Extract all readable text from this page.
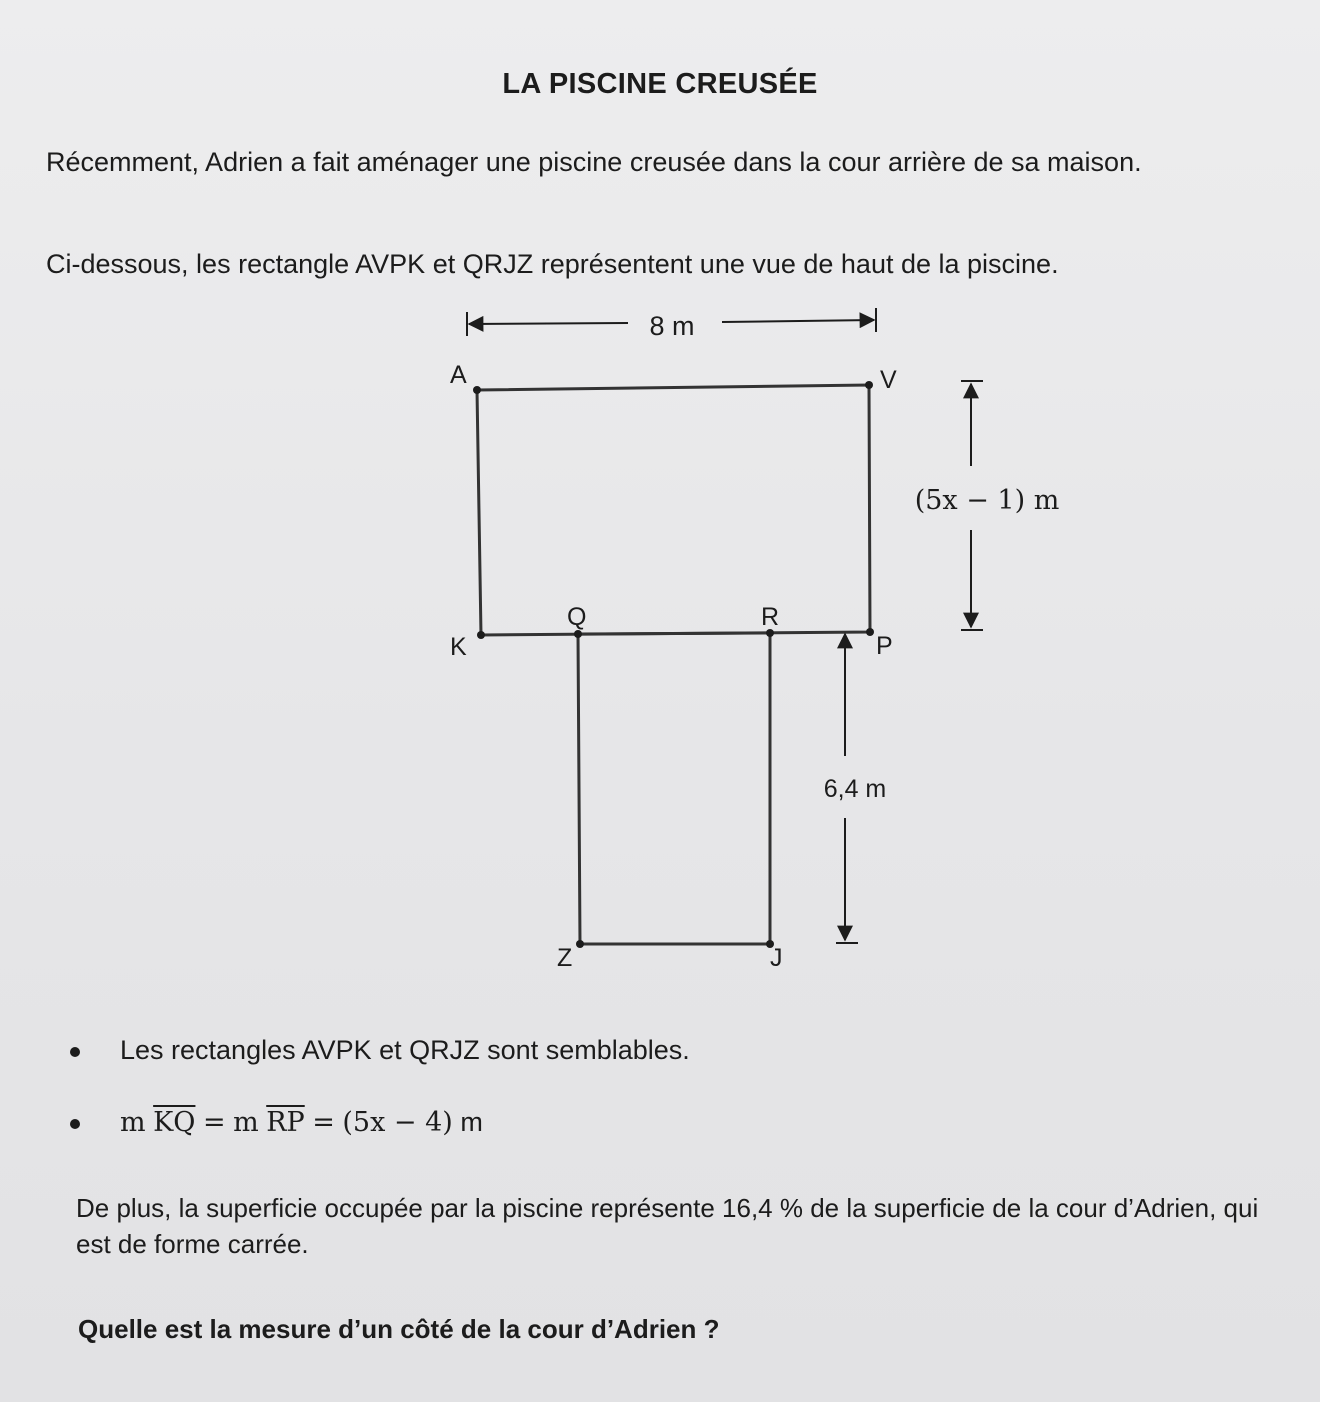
LA PISCINE CREUSÉE
Récemment, Adrien a fait aménager une piscine creusée dans la cour arrière de sa maison.
Ci-dessous, les rectangle AVPK et QRJZ représentent une vue de haut de la piscine.
8 m
A	V
P
K
Q	R
J
Z
(5x − 1) m
6,4 m
Les rectangles AVPK et QRJZ sont semblables.
m $\overline{KQ} = m$ $\overline{RP} = (5x - 4)$ m
De plus, la superficie occupée par la piscine représente 16,4 % de la superficie de la cour d’Adrien, qui est de forme carrée.
Quelle est la mesure d’un côté de la cour d’Adrien ?
